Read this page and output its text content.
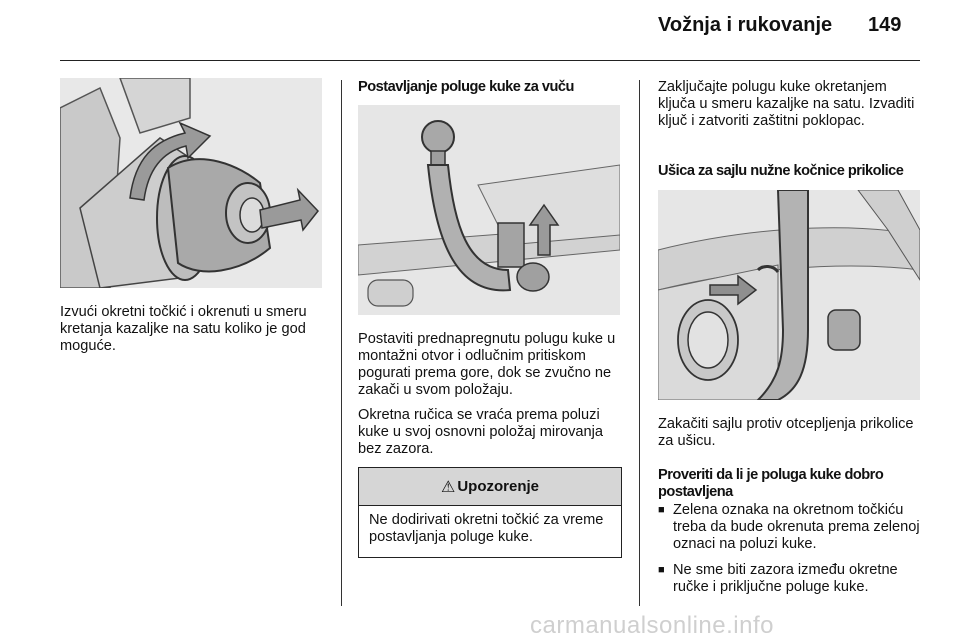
Vožnja i rukovanje 149

Izvući okretni točkić i okrenuti u smeru kretanja kazaljke na satu koliko je god moguće.

Postavljanje poluge kuke za vuču

Postaviti prednapregnutu polugu kuke u montažni otvor i odlučnim pritiskom pogurati prema gore, dok se zvučno ne zakači u svom položaju.

Okretna ručica se vraća prema poluzi kuke u svoj osnovni položaj mirovanja bez zazora.

⚠ Upozorenje
Ne dodirivati okretni točkić za vreme postavljanja poluge kuke.

Zaključajte polugu kuke okretanjem ključa u smeru kazaljke na satu. Izvaditi ključ i zatvoriti zaštitni poklopac.

Ušica za sajlu nužne kočnice prikolice

Zakačiti sajlu protiv otcepljenja prikolice za ušicu.

Proveriti da li je poluga kuke dobro postavljena

■ Zelena oznaka na okretnom točkiću treba da bude okrenuta prema zelenoj oznaci na poluzi kuke.
■ Ne sme biti zazora između okretne ručke i priključne poluge kuke.
carmanualsonline.info
